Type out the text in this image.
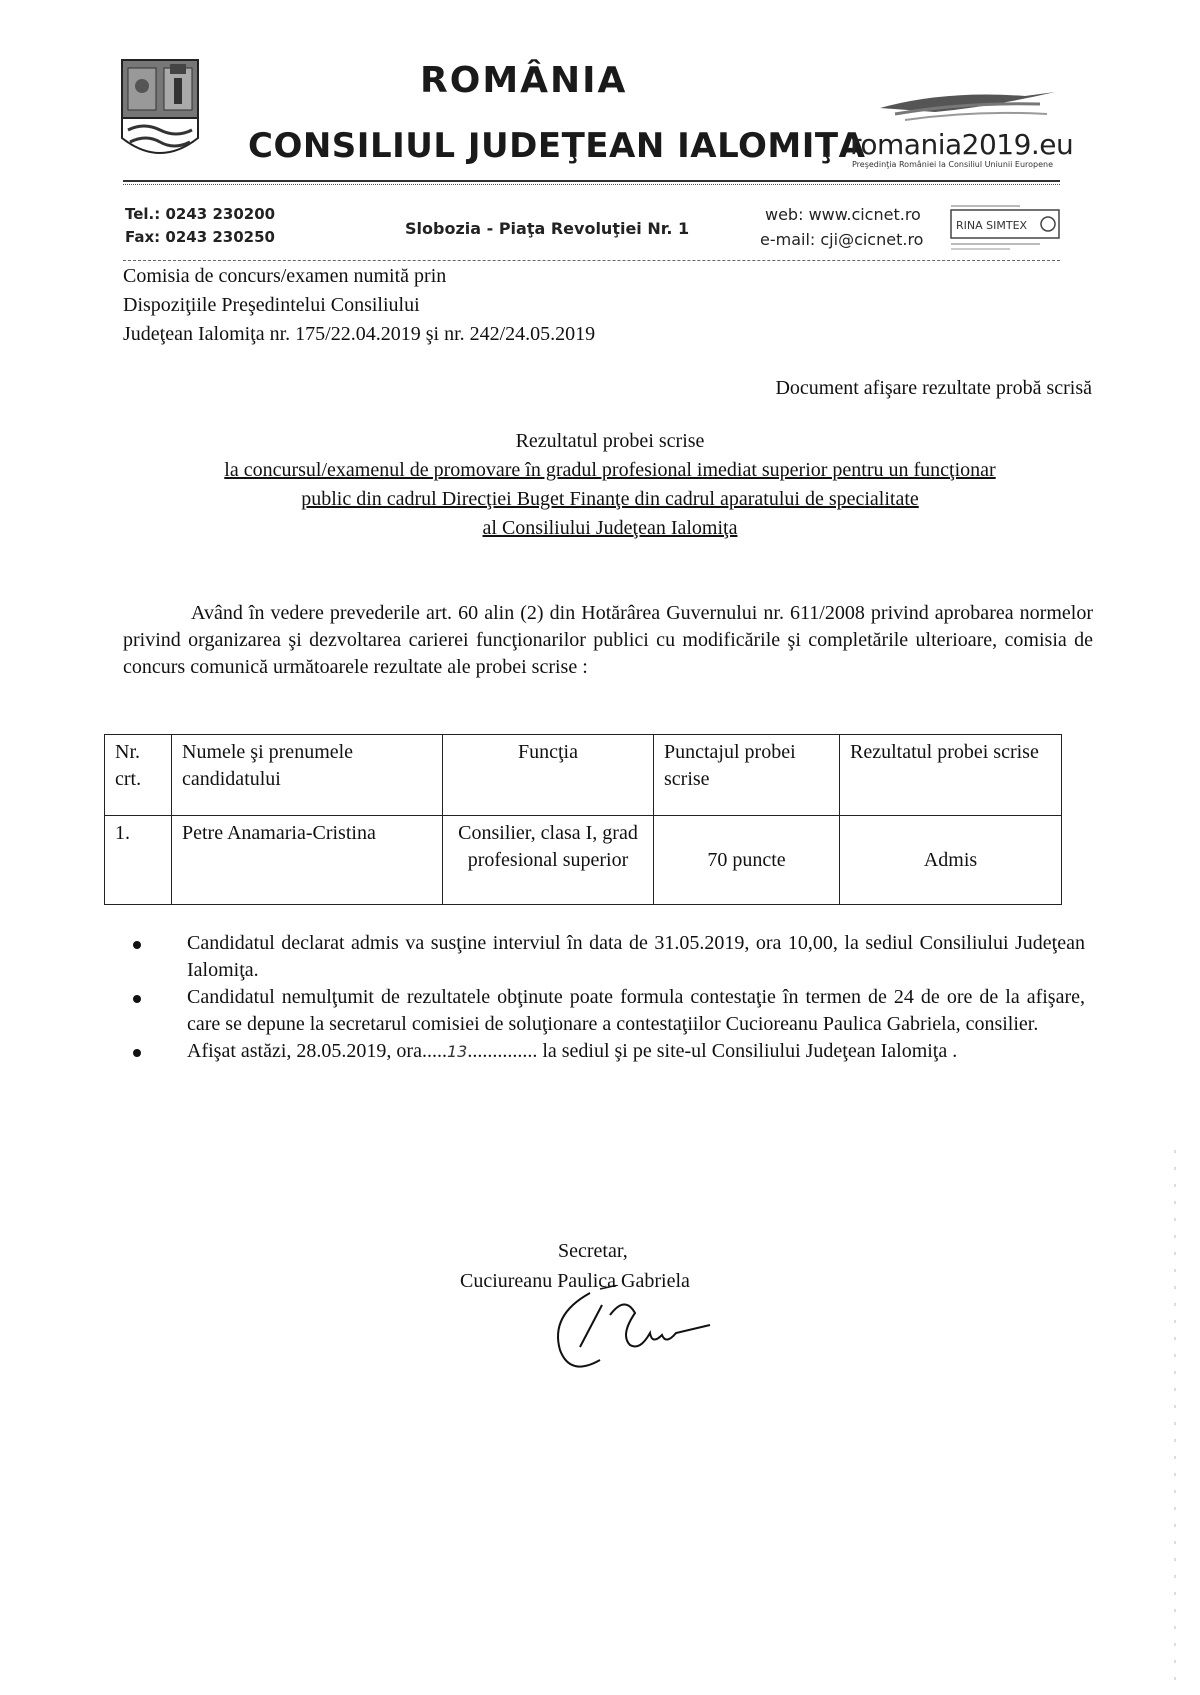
ROMÂNIA
CONSILIUL JUDEŢEAN IALOMIŢA
romania2019.eu
Preşedinţia României la Consiliul Uniunii Europene
Tel.: 0243 230200
Fax: 0243 230250	Slobozia - Piaţa Revoluţiei Nr. 1
web: www.cicnet.ro
e-mail: cji@cicnet.ro
RINA SIMTEX
Comisia de concurs/examen numită prin
Dispoziţiile Preşedintelui Consiliului
Judeţean Ialomiţa nr. 175/22.04.2019 şi nr. 242/24.05.2019
Document afişare rezultate probă scrisă
Rezultatul probei scrise
la concursul/examenul de promovare în gradul profesional imediat superior pentru un funcţionar
public din cadrul Direcţiei Buget Finanţe din cadrul aparatului de specialitate
al Consiliului Judeţean Ialomiţa
Având în vedere prevederile art. 60 alin (2) din Hotărârea Guvernului nr. 611/2008 privind aprobarea normelor privind organizarea şi dezvoltarea carierei funcţionarilor publici cu modificările şi completările ulterioare, comisia de concurs comunică următoarele rezultate ale probei scrise :
Nr. crt.	Numele şi prenumele candidatului	Funcţia	Punctajul probei scrise	Rezultatul probei scrise
1.	Petre Anamaria-Cristina	Consilier, clasa I, grad profesional superior	70 puncte	Admis
Candidatul declarat admis va susţine interviul în data de 31.05.2019, ora 10,00, la sediul Consiliului Judeţean Ialomiţa.
Candidatul nemulţumit de rezultatele obţinute poate formula contestaţie în termen de 24 de ore de la afişare, care se depune la secretarul comisiei de soluţionare a contestaţiilor Cucioreanu Paulica Gabriela, consilier.
Afişat astăzi, 28.05.2019, ora.....13.............. la sediul şi pe site-ul Consiliului Judeţean Ialomiţa .
Secretar,
Cuciureanu Paulica Gabriela
